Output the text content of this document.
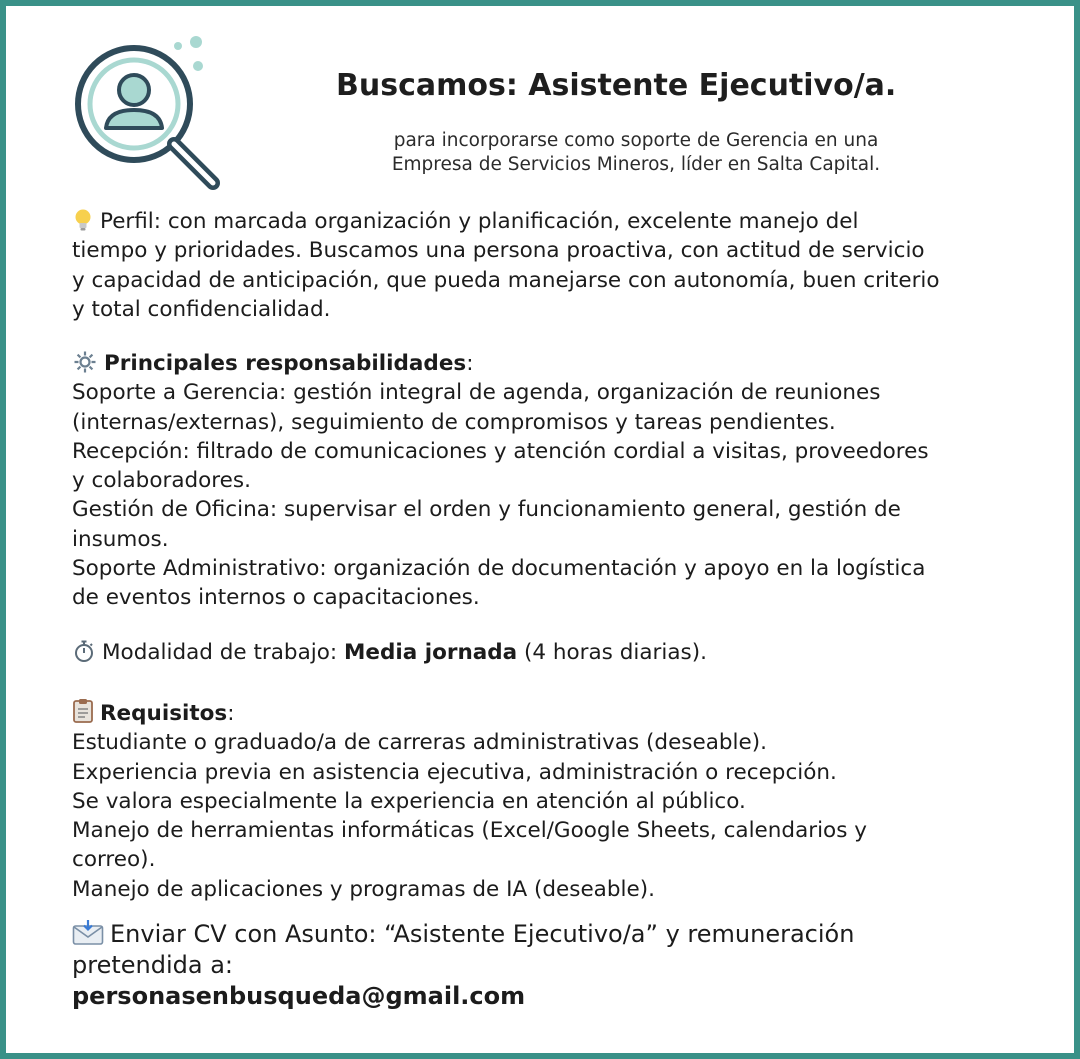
Buscamos: Asistente Ejecutivo/a.
para incorporarse como soporte de Gerencia en una
Empresa de Servicios Mineros, líder en Salta Capital.
Perfil: con marcada organización y planificación, excelente manejo del
tiempo y prioridades. Buscamos una persona proactiva, con actitud de servicio
y capacidad de anticipación, que pueda manejarse con autonomía, buen criterio
y total confidencialidad.
Principales responsabilidades:
Soporte a Gerencia: gestión integral de agenda, organización de reuniones
(internas/externas), seguimiento de compromisos y tareas pendientes.
Recepción: filtrado de comunicaciones y atención cordial a visitas, proveedores
y colaboradores.
Gestión de Oficina: supervisar el orden y funcionamiento general, gestión de
insumos.
Soporte Administrativo: organización de documentación y apoyo en la logística
de eventos internos o capacitaciones.
Modalidad de trabajo: Media jornada (4 horas diarias).
Requisitos:
Estudiante o graduado/a de carreras administrativas (deseable).
Experiencia previa en asistencia ejecutiva, administración o recepción.
Se valora especialmente la experiencia en atención al público.
Manejo de herramientas informáticas (Excel/Google Sheets, calendarios y
correo).
Manejo de aplicaciones y programas de IA (deseable).
Enviar CV con Asunto: “Asistente Ejecutivo/a” y remuneración
pretendida a:
personasenbusqueda@gmail.com
